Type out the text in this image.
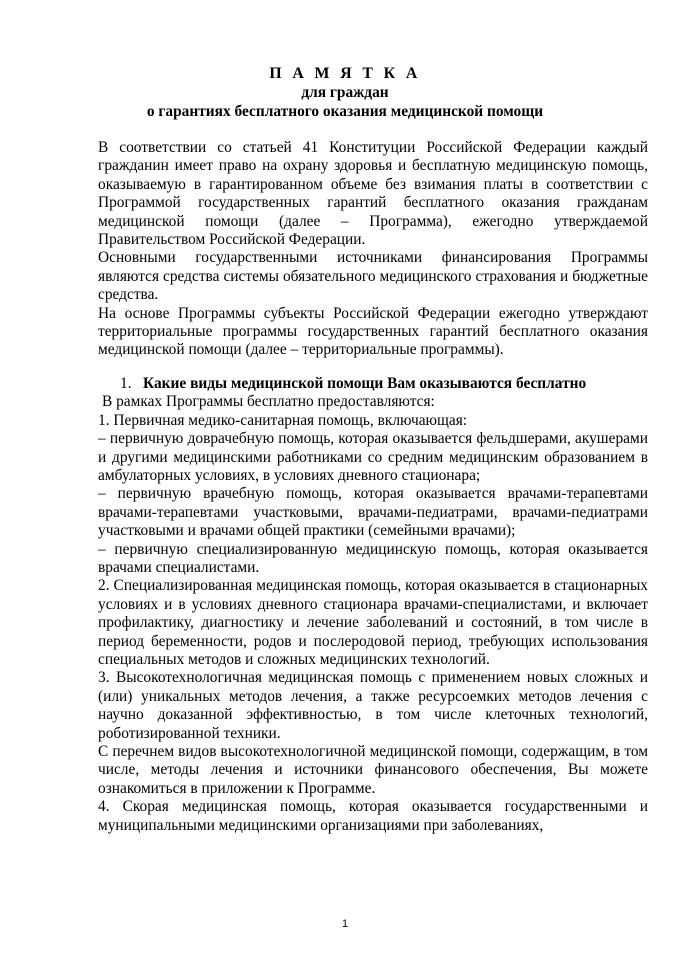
П А М Я Т К А
для граждан
о гарантиях бесплатного оказания медицинской помощи

В соответствии со статьей 41 Конституции Российской Федерации каждый гражданин имеет право на охрану здоровья и бесплатную медицинскую помощь, оказываемую в гарантированном объеме без взимания платы в соответствии с Программой государственных гарантий бесплатного оказания гражданам медицинской помощи (далее – Программа), ежегодно утверждаемой Правительством Российской Федерации.

Основными государственными источниками финансирования Программы являются средства системы обязательного медицинского страхования и бюджетные средства.

На основе Программы субъекты Российской Федерации ежегодно утверждают территориальные программы государственных гарантий бесплатного оказания медицинской помощи (далее – территориальные программы).

1. Какие виды медицинской помощи Вам оказываются бесплатно

В рамках Программы бесплатно предоставляются:

1. Первичная медико-санитарная помощь, включающая:

– первичную доврачебную помощь, которая оказывается фельдшерами, акушерами и другими медицинскими работниками со средним медицинским образованием в амбулаторных условиях, в условиях дневного стационара;

– первичную врачебную помощь, которая оказывается врачами-терапевтами врачами-терапевтами участковыми, врачами-педиатрами, врачами-педиатрами участковыми и врачами общей практики (семейными врачами);

– первичную специализированную медицинскую помощь, которая оказывается врачами специалистами.

2. Специализированная медицинская помощь, которая оказывается в стационарных условиях и в условиях дневного стационара врачами-специалистами, и включает профилактику, диагностику и лечение заболеваний и состояний, в том числе в период беременности, родов и послеродовой период, требующих использования специальных методов и сложных медицинских технологий.

3. Высокотехнологичная медицинская помощь с применением новых сложных и (или) уникальных методов лечения, а также ресурсоемких методов лечения с научно доказанной эффективностью, в том числе клеточных технологий, роботизированной техники.

С перечнем видов высокотехнологичной медицинской помощи, содержащим, в том числе, методы лечения и источники финансового обеспечения, Вы можете ознакомиться в приложении к Программе.

4. Скорая медицинская помощь, которая оказывается государственными и муниципальными медицинскими организациями при заболеваниях,

1
